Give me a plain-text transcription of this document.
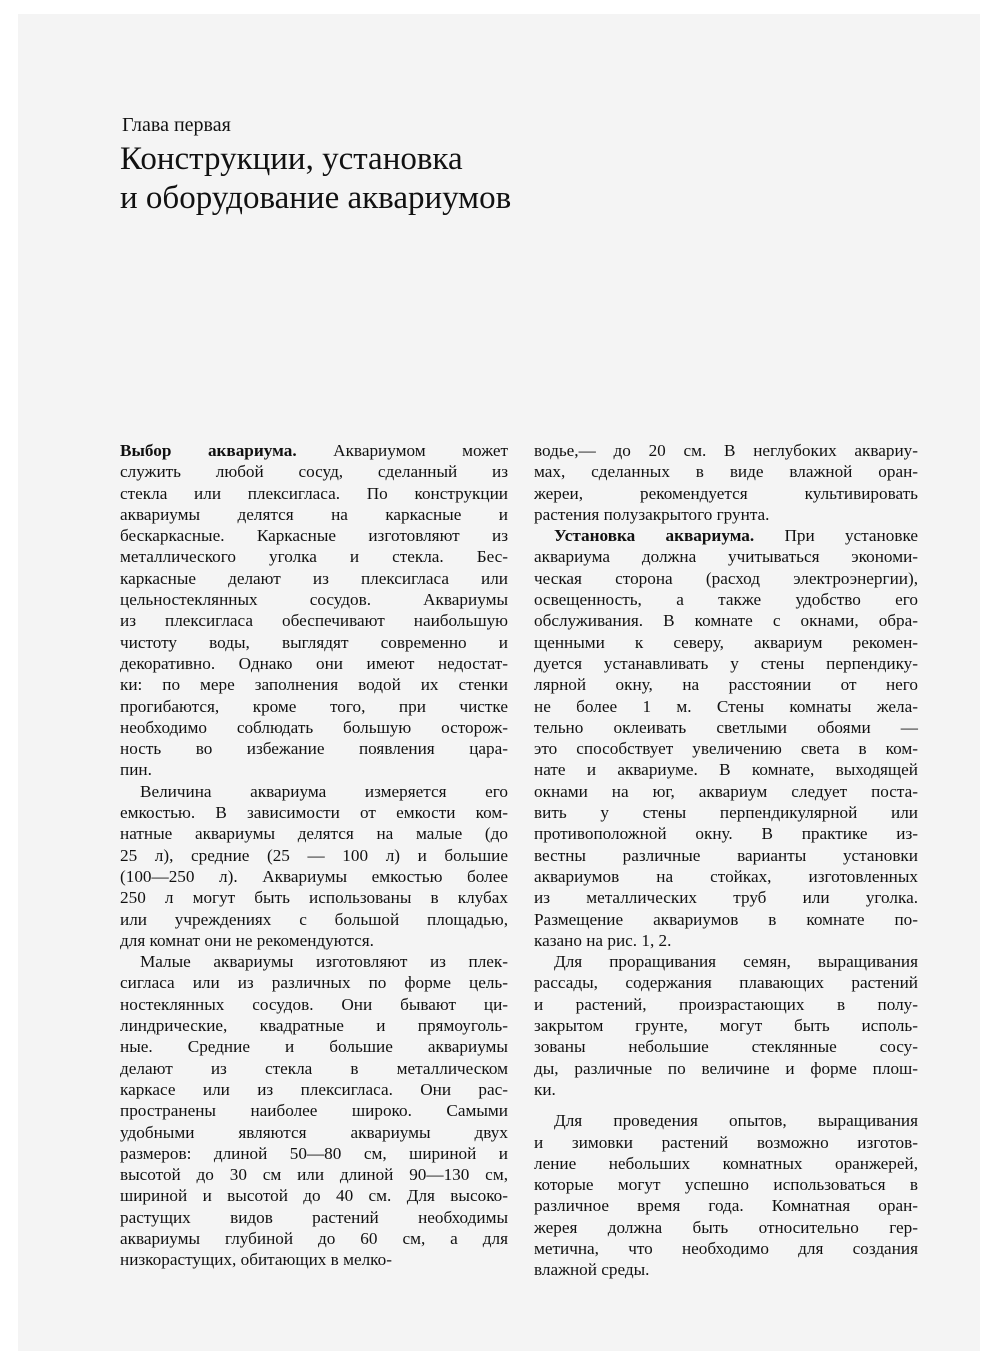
Глава первая
Конструкции, установка
и оборудование аквариумов
Выбор аквариума. Аквариумом может
служить любой сосуд, сделанный из
стекла или плексигласа. По конструкции
аквариумы делятся на каркасные и
бескаркасные. Каркасные изготовляют из
металлического уголка и стекла. Бес-
каркасные делают из плексигласа или
цельностеклянных сосудов. Аквариумы
из плексигласа обеспечивают наибольшую
чистоту воды, выглядят современно и
декоративно. Однако они имеют недостат-
ки: по мере заполнения водой их стенки
прогибаются, кроме того, при чистке
необходимо соблюдать большую осторож-
ность во избежание появления цара-
пин.
Величина аквариума измеряется его
емкостью. В зависимости от емкости ком-
натные аквариумы делятся на малые (до
25 л), средние (25 — 100 л) и большие
(100—250 л). Аквариумы емкостью более
250 л могут быть использованы в клубах
или учреждениях с большой площадью,
для комнат они не рекомендуются.
Малые аквариумы изготовляют из плек-
сигласа или из различных по форме цель-
ностеклянных сосудов. Они бывают ци-
линдрические, квадратные и прямоуголь-
ные. Средние и большие аквариумы
делают из стекла в металлическом
каркасе или из плексигласа. Они рас-
пространены наиболее широко. Самыми
удобными являются аквариумы двух
размеров: длиной 50—80 см, шириной и
высотой до 30 см или длиной 90—130 см,
шириной и высотой до 40 см. Для высоко-
растущих видов растений необходимы
аквариумы глубиной до 60 см, а для
низкорастущих, обитающих в мелко-
водье,— до 20 см. В неглубоких аквариу-
мах, сделанных в виде влажной оран-
жереи, рекомендуется культивировать
растения полузакрытого грунта.
Установка аквариума. При установке
аквариума должна учитываться экономи-
ческая сторона (расход электроэнергии),
освещенность, а также удобство его
обслуживания. В комнате с окнами, обра-
щенными к северу, аквариум рекомен-
дуется устанавливать у стены перпендику-
лярной окну, на расстоянии от него
не более 1 м. Стены комнаты жела-
тельно оклеивать светлыми обоями —
это способствует увеличению света в ком-
нате и аквариуме. В комнате, выходящей
окнами на юг, аквариум следует поста-
вить у стены перпендикулярной или
противоположной окну. В практике из-
вестны различные варианты установки
аквариумов на стойках, изготовленных
из металлических труб или уголка.
Размещение аквариумов в комнате по-
казано на рис. 1, 2.
Для проращивания семян, выращивания
рассады, содержания плавающих растений
и растений, произрастающих в полу-
закрытом грунте, могут быть исполь-
зованы небольшие стеклянные сосу-
ды, различные по величине и форме плош-
ки.
Для проведения опытов, выращивания
и зимовки растений возможно изготов-
ление небольших комнатных оранжерей,
которые могут успешно использоваться в
различное время года. Комнатная оран-
жерея должна быть относительно гер-
метична, что необходимо для создания
влажной среды.
